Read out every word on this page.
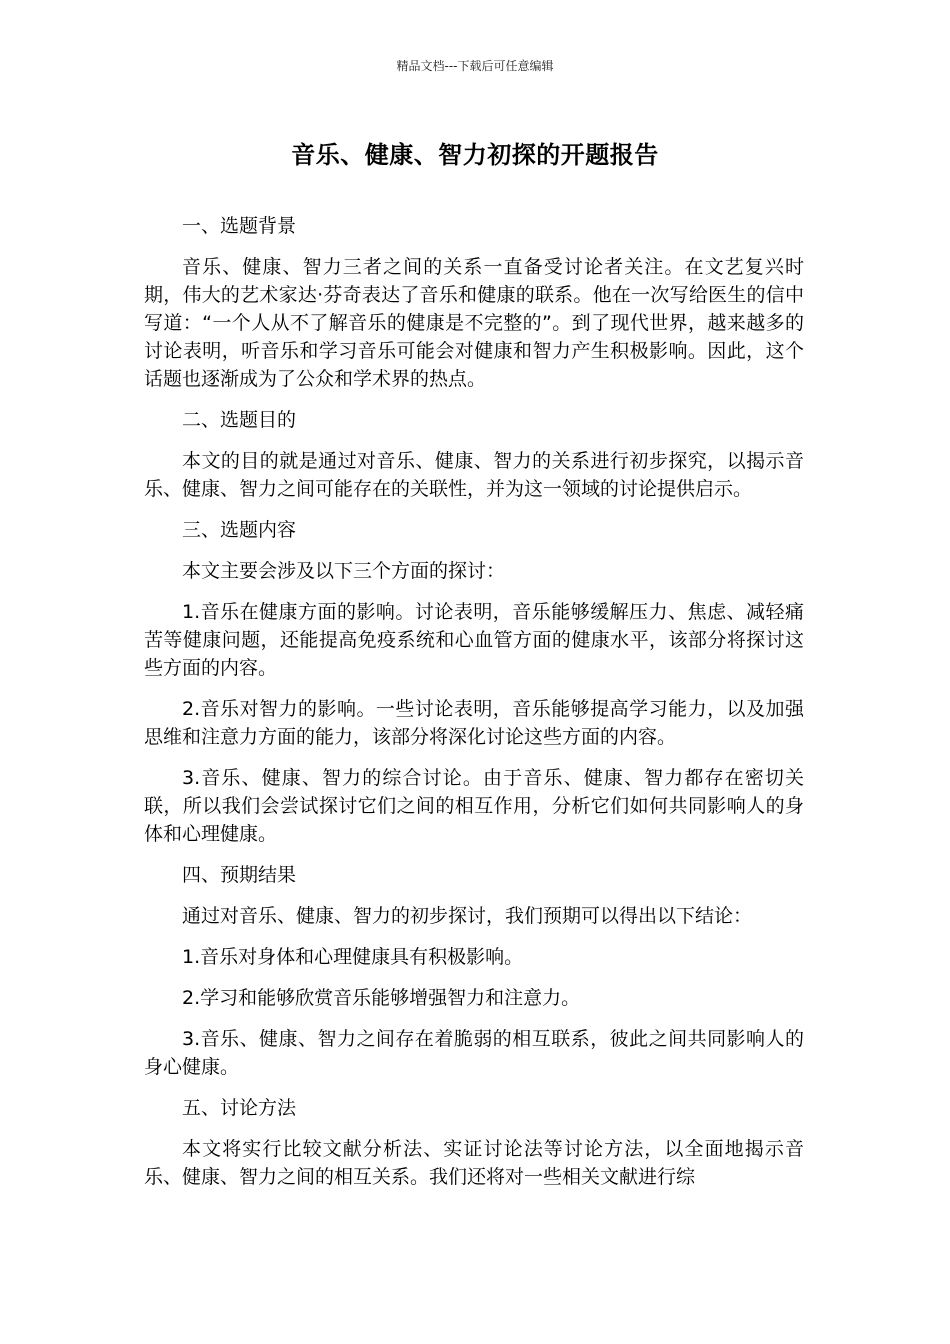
精品文档---下载后可任意编辑
音乐、健康、智力初探的开题报告

一、选题背景

音乐、健康、智力三者之间的关系一直备受讨论者关注。在文艺复兴时期，伟大的艺术家达·芬奇表达了音乐和健康的联系。他在一次写给医生的信中写道：“一个人从不了解音乐的健康是不完整的”。到了现代世界，越来越多的讨论表明，听音乐和学习音乐可能会对健康和智力产生积极影响。因此，这个话题也逐渐成为了公众和学术界的热点。

二、选题目的

本文的目的就是通过对音乐、健康、智力的关系进行初步探究，以揭示音乐、健康、智力之间可能存在的关联性，并为这一领域的讨论提供启示。

三、选题内容

本文主要会涉及以下三个方面的探讨：

1.音乐在健康方面的影响。讨论表明，音乐能够缓解压力、焦虑、减轻痛苦等健康问题，还能提高免疫系统和心血管方面的健康水平，该部分将探讨这些方面的内容。

2.音乐对智力的影响。一些讨论表明，音乐能够提高学习能力，以及加强思维和注意力方面的能力，该部分将深化讨论这些方面的内容。

3.音乐、健康、智力的综合讨论。由于音乐、健康、智力都存在密切关联，所以我们会尝试探讨它们之间的相互作用，分析它们如何共同影响人的身体和心理健康。

四、预期结果

通过对音乐、健康、智力的初步探讨，我们预期可以得出以下结论：

1.音乐对身体和心理健康具有积极影响。

2.学习和能够欣赏音乐能够增强智力和注意力。

3.音乐、健康、智力之间存在着脆弱的相互联系，彼此之间共同影响人的身心健康。

五、讨论方法

本文将实行比较文献分析法、实证讨论法等讨论方法，以全面地揭示音乐、健康、智力之间的相互关系。我们还将对一些相关文献进行综
